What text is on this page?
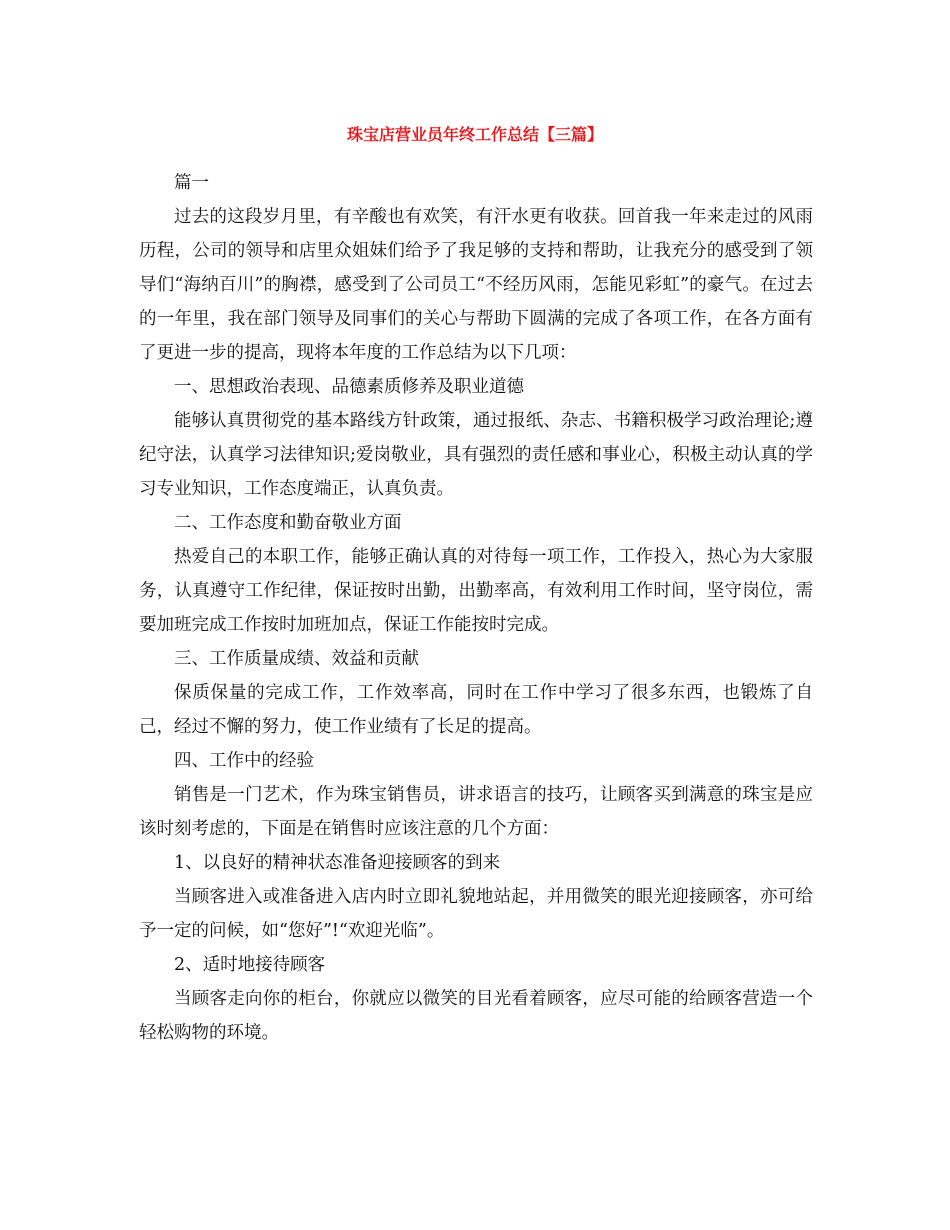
珠宝店营业员年终工作总结【三篇】

篇一

过去的这段岁月里，有辛酸也有欢笑，有汗水更有收获。回首我一年来走过的风雨历程，公司的领导和店里众姐妹们给予了我足够的支持和帮助，让我充分的感受到了领导们“海纳百川”的胸襟，感受到了公司员工“不经历风雨，怎能见彩虹”的豪气。在过去的一年里，我在部门领导及同事们的关心与帮助下圆满的完成了各项工作，在各方面有了更进一步的提高，现将本年度的工作总结为以下几项：

一、思想政治表现、品德素质修养及职业道德

能够认真贯彻党的基本路线方针政策，通过报纸、杂志、书籍积极学习政治理论;遵纪守法，认真学习法律知识;爱岗敬业，具有强烈的责任感和事业心，积极主动认真的学习专业知识，工作态度端正，认真负责。

二、工作态度和勤奋敬业方面

热爱自己的本职工作，能够正确认真的对待每一项工作，工作投入，热心为大家服务，认真遵守工作纪律，保证按时出勤，出勤率高，有效利用工作时间，坚守岗位，需要加班完成工作按时加班加点，保证工作能按时完成。

三、工作质量成绩、效益和贡献

保质保量的完成工作，工作效率高，同时在工作中学习了很多东西，也锻炼了自己，经过不懈的努力，使工作业绩有了长足的提高。

四、工作中的经验

销售是一门艺术，作为珠宝销售员，讲求语言的技巧，让顾客买到满意的珠宝是应该时刻考虑的，下面是在销售时应该注意的几个方面：

1、以良好的精神状态准备迎接顾客的到来

当顾客进入或准备进入店内时立即礼貌地站起，并用微笑的眼光迎接顾客，亦可给予一定的问候，如“您好”!“欢迎光临”。

2、适时地接待顾客

当顾客走向你的柜台，你就应以微笑的目光看着顾客，应尽可能的给顾客营造一个轻松购物的环境。
